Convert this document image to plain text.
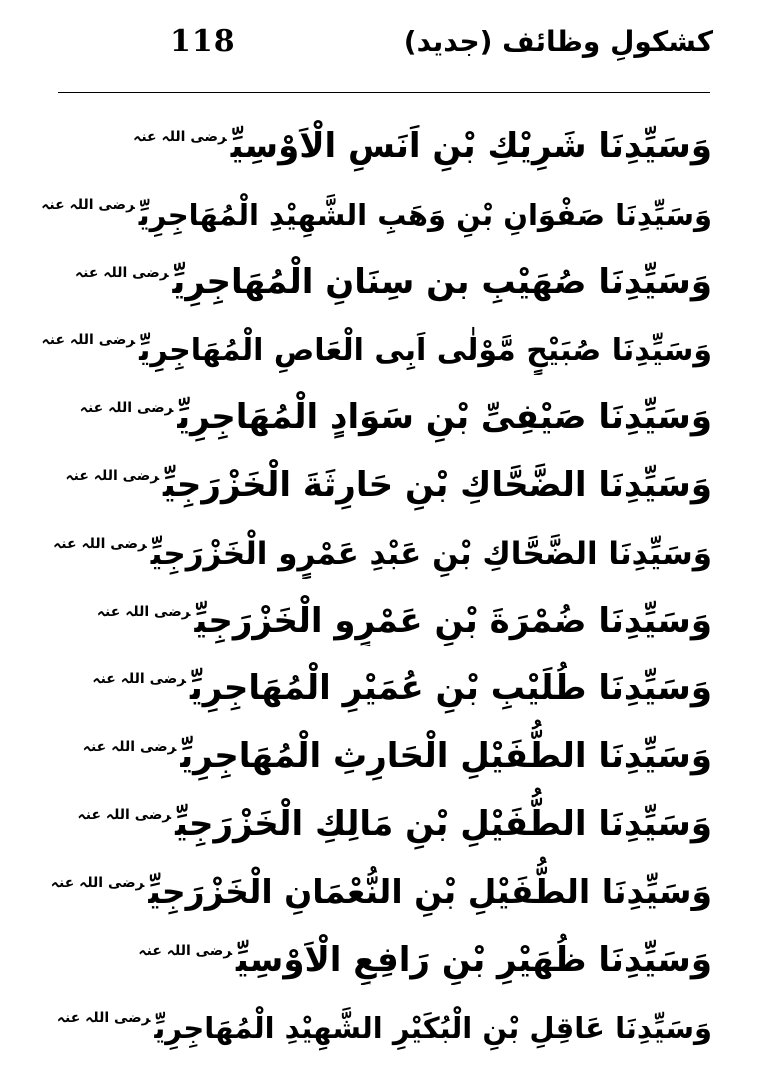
118	کشکولِ وظائف (جدید)
وَسَیِّدِنَا شَرِیْكِ بْنِ اَنَسِ الْاَوْسِیِّ$^{رضی اللہ عنہ}$
وَسَیِّدِنَا صَفْوَانِ بْنِ وَھَبِ الشَّھِیْدِ الْمُھَاجِرِیِّ$^{رضی اللہ عنہ}$
وَسَیِّدِنَا صُھَیْبِ بن سِنَانِ الْمُھَاجِرِیِّ$^{رضی اللہ عنہ}$
وَسَیِّدِنَا صُبَیْحٍ مَّوْلٰی اَبِی الْعَاصِ الْمُھَاجِرِیِّ$^{رضی اللہ عنہ}$
وَسَیِّدِنَا صَیْفِیِّ بْنِ سَوَادٍ الْمُھَاجِرِیِّ$^{رضی اللہ عنہ}$
وَسَیِّدِنَا الضَّحَّاكِ بْنِ حَارِثَةَ الْخَزْرَجِیِّ$^{رضی اللہ عنہ}$
وَسَیِّدِنَا الضَّحَّاكِ بْنِ عَبْدِ عَمْرٍو الْخَزْرَجِیِّ$^{رضی اللہ عنہ}$
وَسَیِّدِنَا ضُمْرَةَ بْنِ عَمْرٍو الْخَزْرَجِیِّ$^{رضی اللہ عنہ}$
وَسَیِّدِنَا طُلَیْبِ بْنِ عُمَیْرِ الْمُھَاجِرِیِّ$^{رضی اللہ عنہ}$
وَسَیِّدِنَا الطُّفَیْلِ الْحَارِثِ الْمُھَاجِرِیِّ$^{رضی اللہ عنہ}$
وَسَیِّدِنَا الطُّفَیْلِ بْنِ مَالِكِ الْخَزْرَجِیِّ$^{رضی اللہ عنہ}$
وَسَیِّدِنَا الطُّفَیْلِ بْنِ النُّعْمَانِ الْخَزْرَجِیِّ$^{رضی اللہ عنہ}$
وَسَیِّدِنَا ظُھَیْرِ بْنِ رَافِعٍ الْاَوْسِیِّ$^{رضی اللہ عنہ}$
وَسَیِّدِنَا عَاقِلِ بْنِ الْبُکَیْرِ الشَّھِیْدِ الْمُھَاجِرِیِّ$^{رضی اللہ عنہ}$
